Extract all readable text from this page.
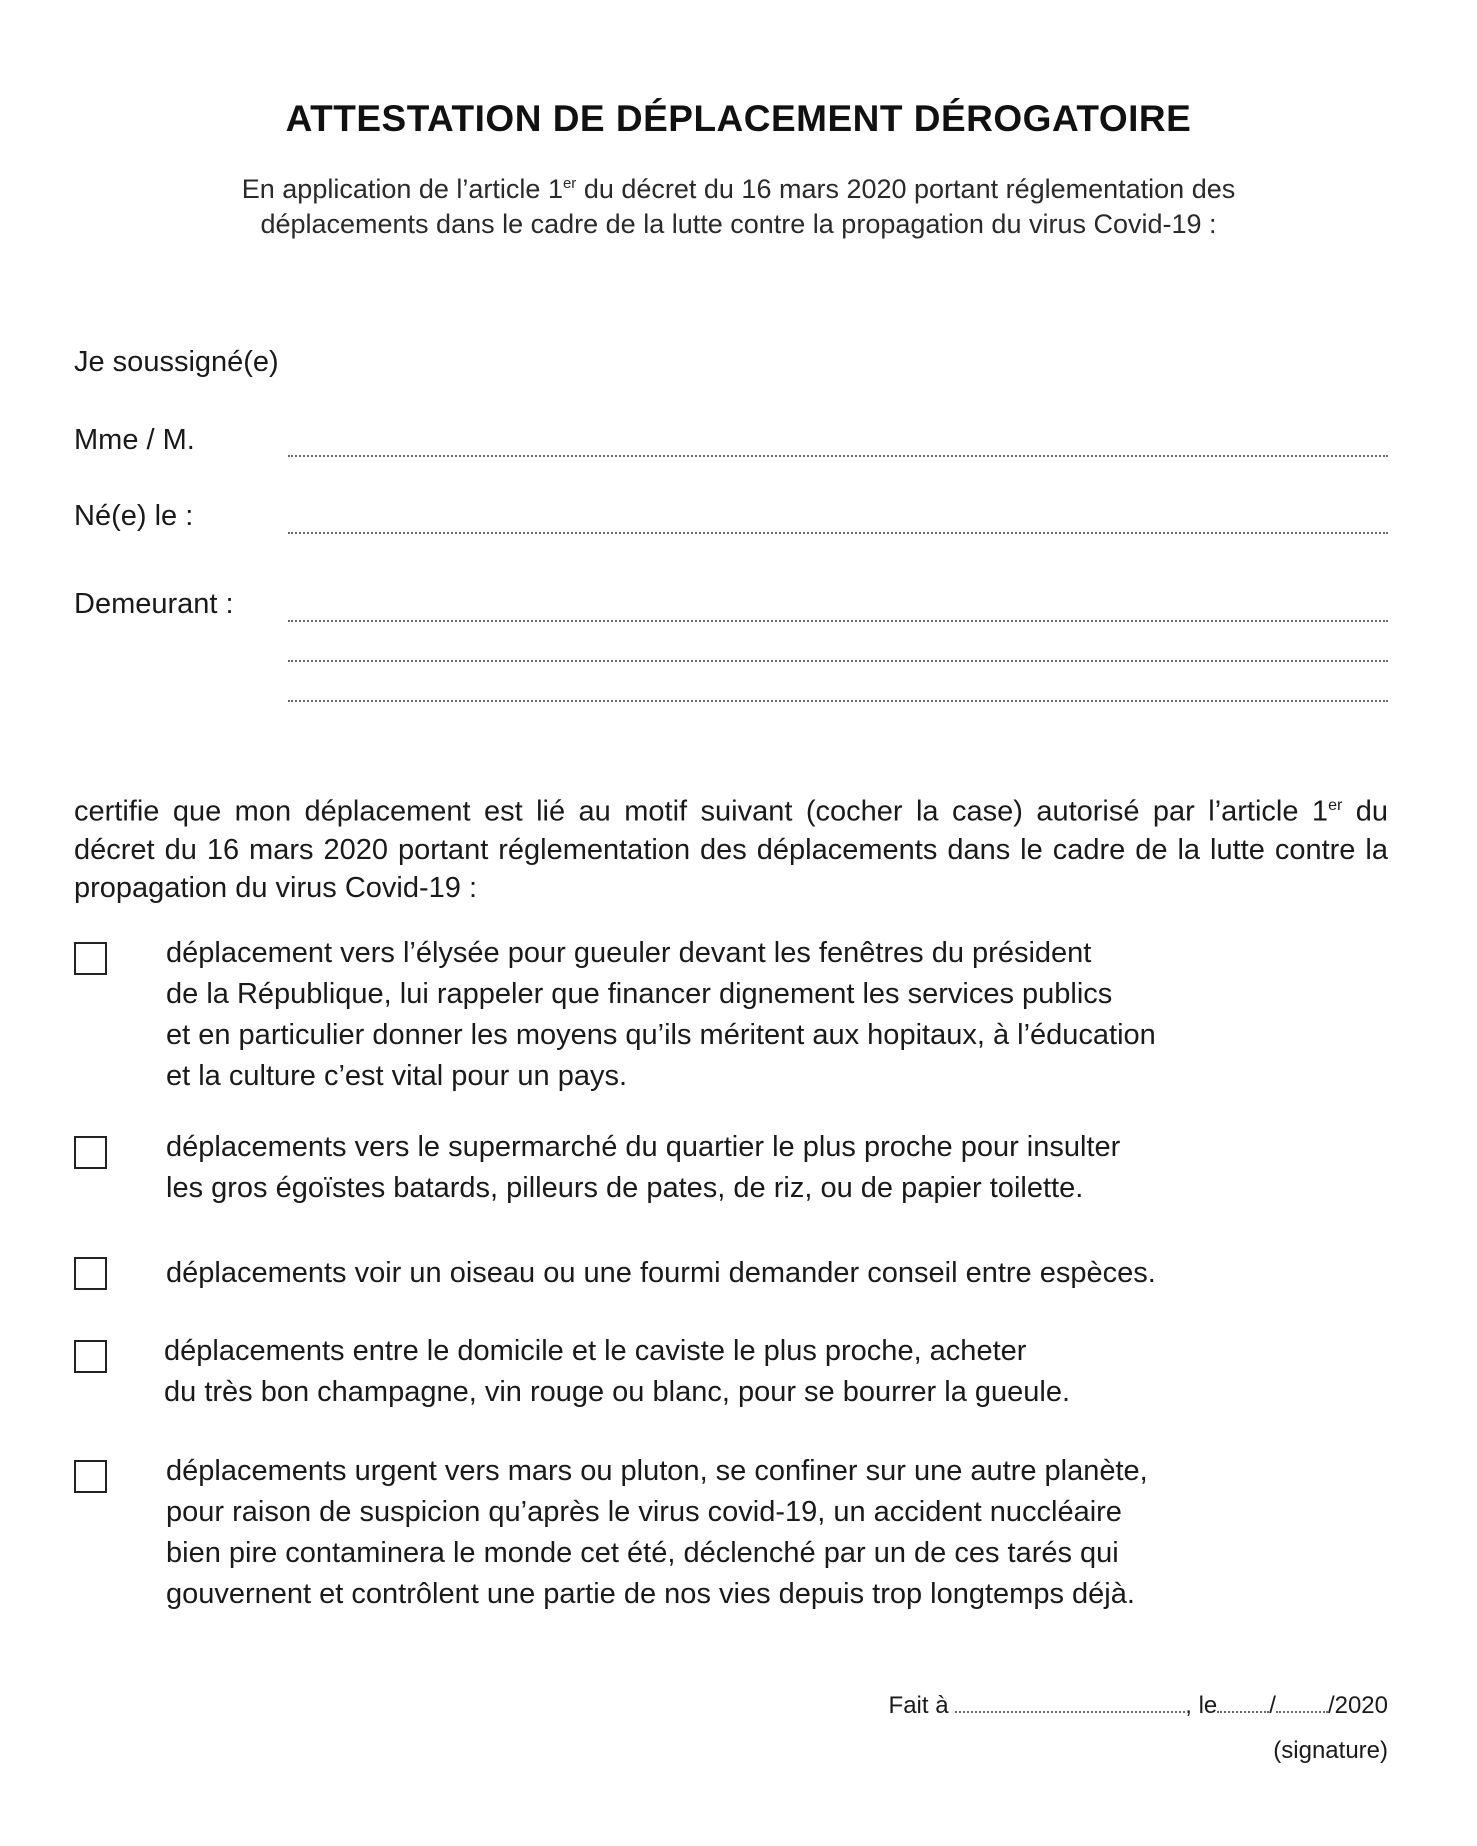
ATTESTATION DE DÉPLACEMENT DÉROGATOIRE
En application de l’article 1er du décret du 16 mars 2020 portant réglementation des
déplacements dans le cadre de la lutte contre la propagation du virus Covid-19 :
Je soussigné(e)
Mme / M.
Né(e) le :
Demeurant :
certifie que mon déplacement est lié au motif suivant (cocher la case) autorisé par l’article 1er du décret du 16 mars 2020 portant réglementation des déplacements dans le cadre de la lutte contre la propagation du virus Covid-19 :
déplacement vers l’élysée pour gueuler devant les fenêtres du président
de la République, lui rappeler que financer dignement les services publics
et en particulier donner les moyens qu’ils méritent aux hopitaux, à l’éducation
et la culture c’est vital pour un pays.
déplacements vers le supermarché du quartier le plus proche pour insulter
les gros égoïstes batards, pilleurs de pates, de riz, ou de papier toilette.
déplacements voir un oiseau ou une fourmi demander conseil entre espèces.
déplacements entre le domicile et le caviste le plus proche, acheter
du très bon champagne, vin rouge ou blanc, pour se bourrer la gueule.
déplacements urgent vers mars ou pluton, se confiner sur une autre planète,
pour raison de suspicion qu’après le virus covid-19, un accident nuccléaire
bien pire contaminera le monde cet été, déclenché par un de ces tarés qui
gouvernent et contrôlent une partie de nos vies depuis trop longtemps déjà.
Fait à	, le / /2020
(signature)
